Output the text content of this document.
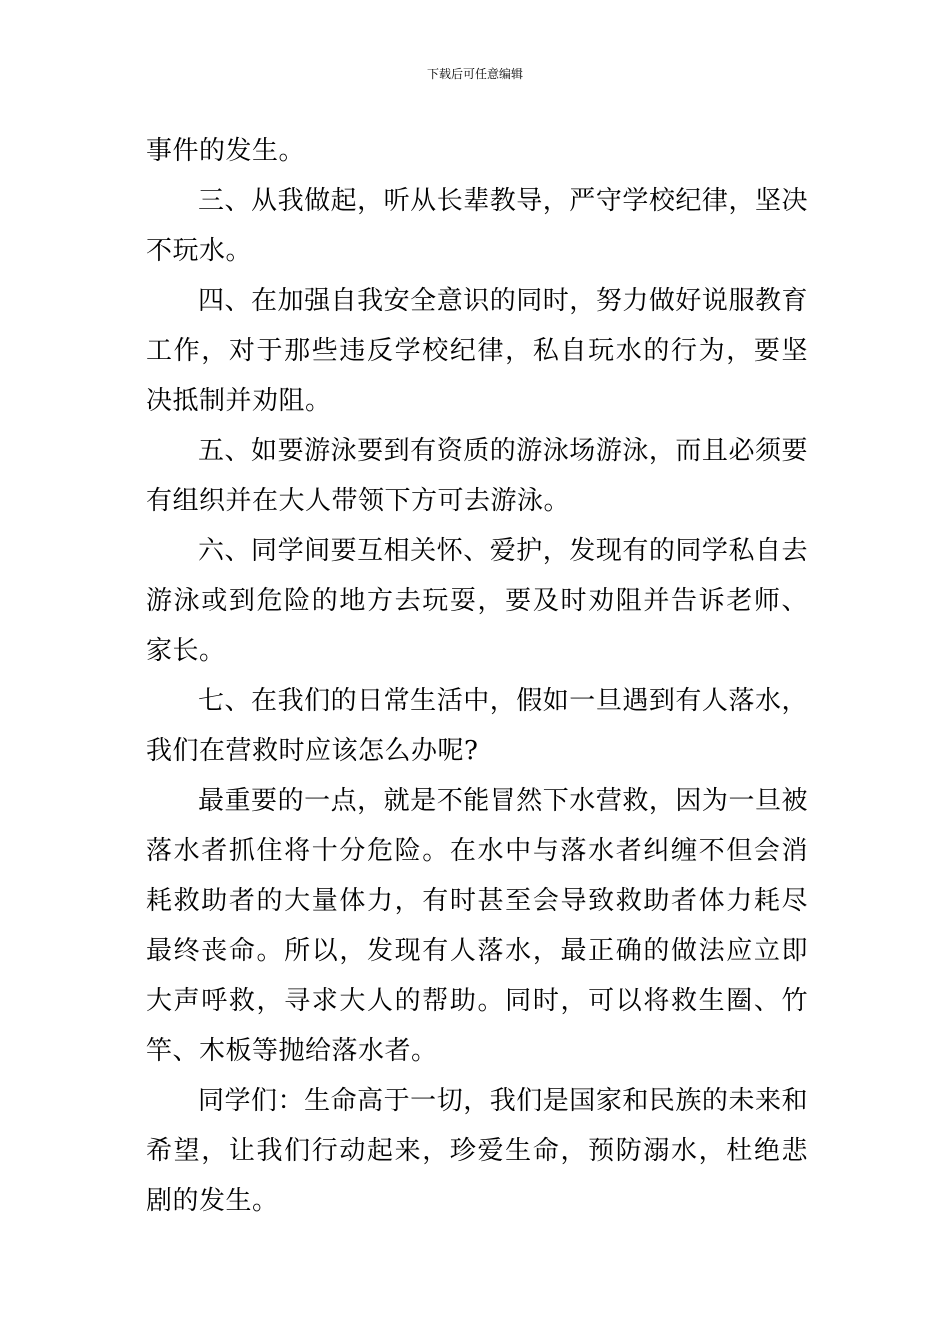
下载后可任意编辑

事件的发生。

三、从我做起，听从长辈教导，严守学校纪律，坚决不玩水。

四、在加强自我安全意识的同时，努力做好说服教育工作，对于那些违反学校纪律，私自玩水的行为，要坚决抵制并劝阻。

五、如要游泳要到有资质的游泳场游泳，而且必须要有组织并在大人带领下方可去游泳。

六、同学间要互相关怀、爱护，发现有的同学私自去游泳或到危险的地方去玩耍，要及时劝阻并告诉老师、家长。

七、在我们的日常生活中，假如一旦遇到有人落水，我们在营救时应该怎么办呢?

最重要的一点，就是不能冒然下水营救，因为一旦被落水者抓住将十分危险。在水中与落水者纠缠不但会消耗救助者的大量体力，有时甚至会导致救助者体力耗尽最终丧命。所以，发现有人落水，最正确的做法应立即大声呼救，寻求大人的帮助。同时，可以将救生圈、竹竿、木板等抛给落水者。

同学们：生命高于一切，我们是国家和民族的未来和希望，让我们行动起来，珍爱生命，预防溺水，杜绝悲剧的发生。
